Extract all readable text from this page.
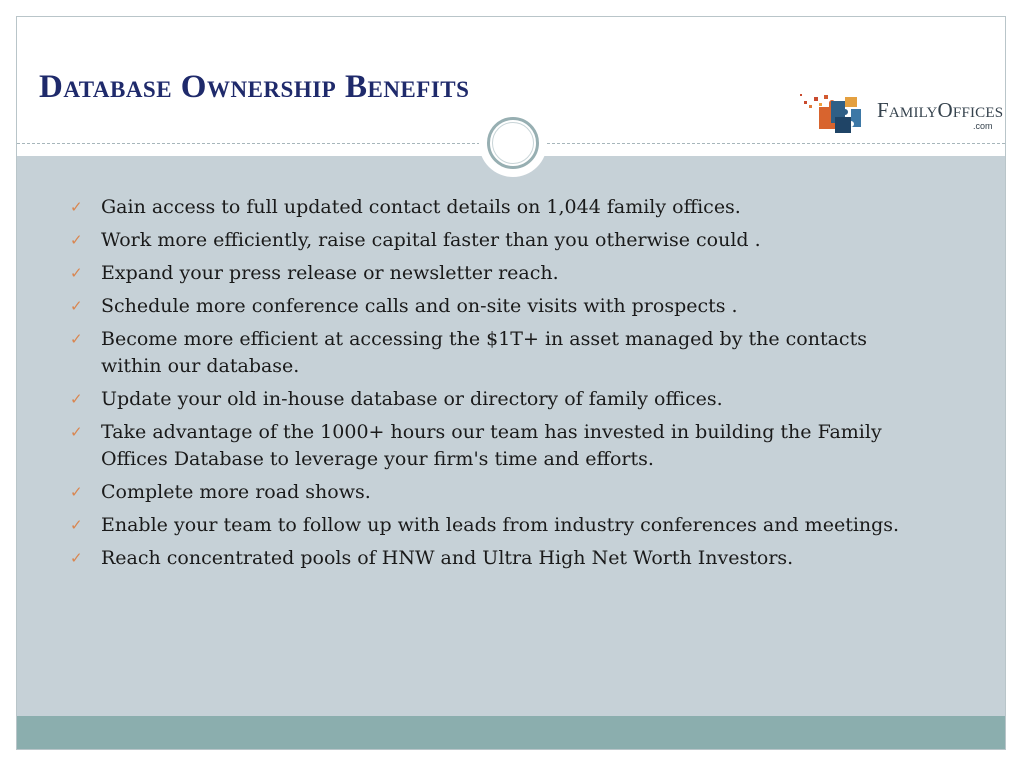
Database Ownership Benefits
FamilyOffices
.com
✓ Gain access to full updated contact details on 1,044 family offices.
✓ Work more efficiently, raise capital faster than you otherwise could .
✓ Expand your press release or newsletter reach.
✓ Schedule more conference calls and on-site visits with prospects .
✓ Become more efficient at accessing the $1T+ in asset managed by the contacts within our database.
✓ Update your old in-house database or directory of family offices.
✓ Take advantage of the 1000+ hours our team has invested in building the Family Offices Database to leverage your firm's time and efforts.
✓ Complete more road shows.
✓ Enable your team to follow up with leads from industry conferences and meetings.
✓ Reach concentrated pools of HNW and Ultra High Net Worth Investors.
